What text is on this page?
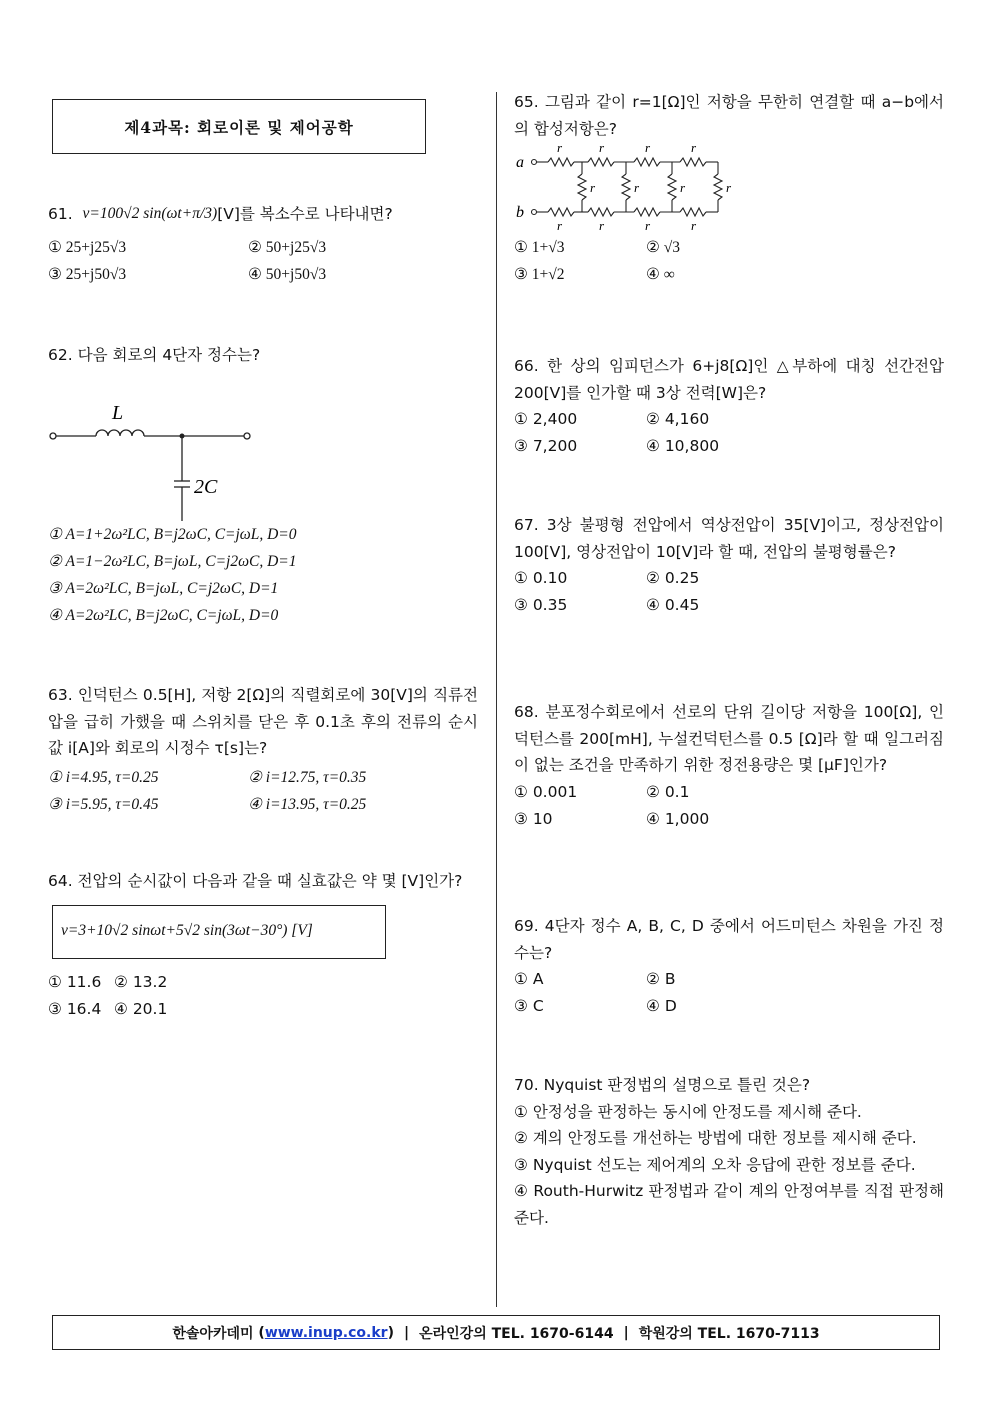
제4과목: 회로이론 및 제어공학

61.
v=100√2 sin(ωt+π/3) [V]를 복소수로 나타내면?

① 25+j25√3	② 50+j25√3
③ 25+j50√3	④ 50+j50√3

62. 다음 회로의 4단자 정수는?

L
2C
① A=1+2ω²LC, B=j2ωC, C=jωL, D=0
② A=1−2ω²LC, B=jωL, C=j2ωC, D=1
③ A=2ω²LC, B=jωL, C=j2ωC, D=1
④ A=2ω²LC, B=j2ωC, C=jωL, D=0

63. 인덕턴스 0.5[H], 저항 2[Ω]의 직렬회로에 30[V]의 직류전압을 급히 가했을 때 스위치를 닫은 후 0.1초 후의 전류의 순시값 i[A]와 회로의 시정수 τ[s]는?

① i=4.95, τ=0.25	② i=12.75, τ=0.35
③ i=5.95, τ=0.45	④ i=13.95, τ=0.25

64. 전압의 순시값이 다음과 같을 때 실효값은 약 몇 [V]인가?

v=3+10√2 sinωt+5√2 sin(3ωt−30°) [V]
① 11.6 ② 13.2
③ 16.4 ④ 20.1

65. 그림과 같이 r=1[Ω]인 저항을 무한히 연결할 때 a−b에서의 합성저항은?

a
b
r	r	r	r
r	r	r	r
r	r	r	r
① 1+√3	② √3
③ 1+√2	④ ∞

66. 한 상의 임피던스가 6+j8[Ω]인 △부하에 대칭 선간전압 200[V]를 인가할 때 3상 전력[W]은?

① 2,400	② 4,160
③ 7,200	④ 10,800

67. 3상 불평형 전압에서 역상전압이 35[V]이고, 정상전압이 100[V], 영상전압이 10[V]라 할 때, 전압의 불평형률은?

① 0.10	② 0.25
③ 0.35	④ 0.45

68. 분포정수회로에서 선로의 단위 길이당 저항을 100[Ω], 인덕턴스를 200[mH], 누설컨덕턴스를 0.5 [Ω]라 할 때 일그러짐이 없는 조건을 만족하기 위한 정전용량은 몇 [μF]인가?

① 0.001	② 0.1
③ 10	④ 1,000

69. 4단자 정수 A, B, C, D 중에서 어드미턴스 차원을 가진 정수는?

① A	② B
③ C	④ D

70. Nyquist 판정법의 설명으로 틀린 것은?

① 안정성을 판정하는 동시에 안정도를 제시해 준다.

② 계의 안정도를 개선하는 방법에 대한 정보를 제시해 준다.

③ Nyquist 선도는 제어계의 오차 응답에 관한 정보를 준다.

④ Routh-Hurwitz 판정법과 같이 계의 안정여부를 직접 판정해 준다.

한솔아카데미 ( www.inup.co.kr ) | 온라인강의 TEL. 1670-6144 | 학원강의 TEL. 1670-7113
